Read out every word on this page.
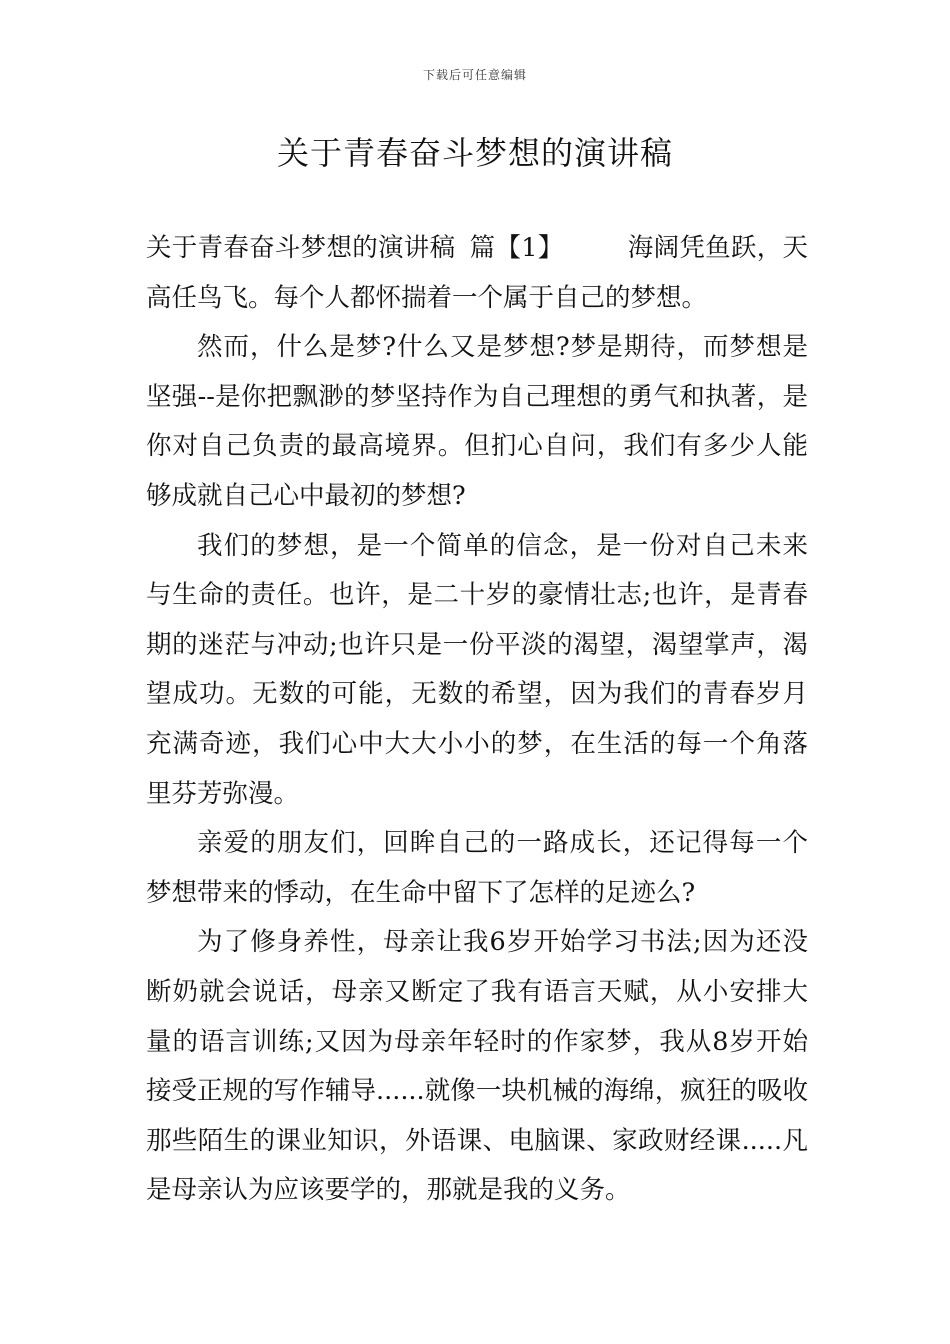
下载后可任意编辑
关于青春奋斗梦想的演讲稿

关于青春奋斗梦想的演讲稿 篇【1】	海阔凭鱼跃，天高任鸟飞。每个人都怀揣着一个属于自己的梦想。

然而，什么是梦?什么又是梦想?梦是期待，而梦想是坚强--是你把飘渺的梦坚持作为自己理想的勇气和执著，是你对自己负责的最高境界。但扪心自问，我们有多少人能够成就自己心中最初的梦想?

我们的梦想，是一个简单的信念，是一份对自己未来与生命的责任。也许，是二十岁的豪情壮志;也许，是青春期的迷茫与冲动;也许只是一份平淡的渴望，渴望掌声，渴望成功。无数的可能，无数的希望，因为我们的青春岁月充满奇迹，我们心中大大小小的梦，在生活的每一个角落里芬芳弥漫。

亲爱的朋友们，回眸自己的一路成长，还记得每一个梦想带来的悸动，在生命中留下了怎样的足迹么?

为了修身养性，母亲让我6岁开始学习书法;因为还没断奶就会说话，母亲又断定了我有语言天赋，从小安排大量的语言训练;又因为母亲年轻时的作家梦，我从8岁开始接受正规的写作辅导......就像一块机械的海绵，疯狂的吸收那些陌生的课业知识，外语课、电脑课、家政财经课.....凡是母亲认为应该要学的，那就是我的义务。
